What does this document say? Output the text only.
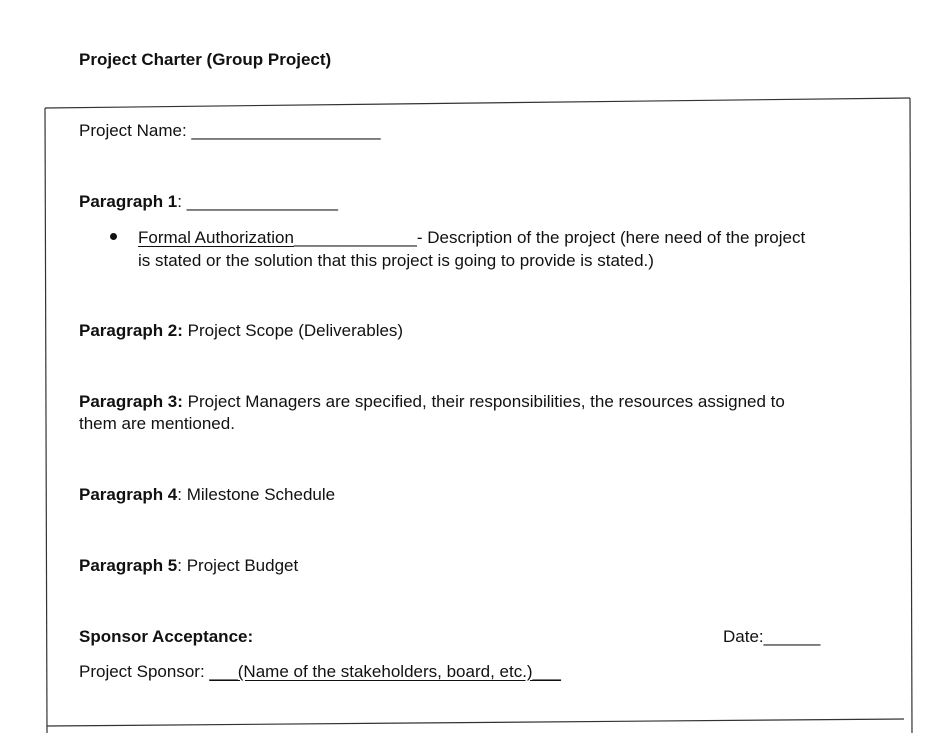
Project Charter (Group Project)
Project Name: ____________________
Paragraph 1: ________________
Formal Authorization_____________- Description of the project (here need of the project
is stated or the solution that this project is going to provide is stated.)
Paragraph 2: Project Scope (Deliverables)
Paragraph 3: Project Managers are specified, their responsibilities, the resources assigned to
them are mentioned.
Paragraph 4: Milestone Schedule
Paragraph 5: Project Budget
Sponsor Acceptance:	Date:______
Project Sponsor: ___(Name of the stakeholders, board, etc.)___
